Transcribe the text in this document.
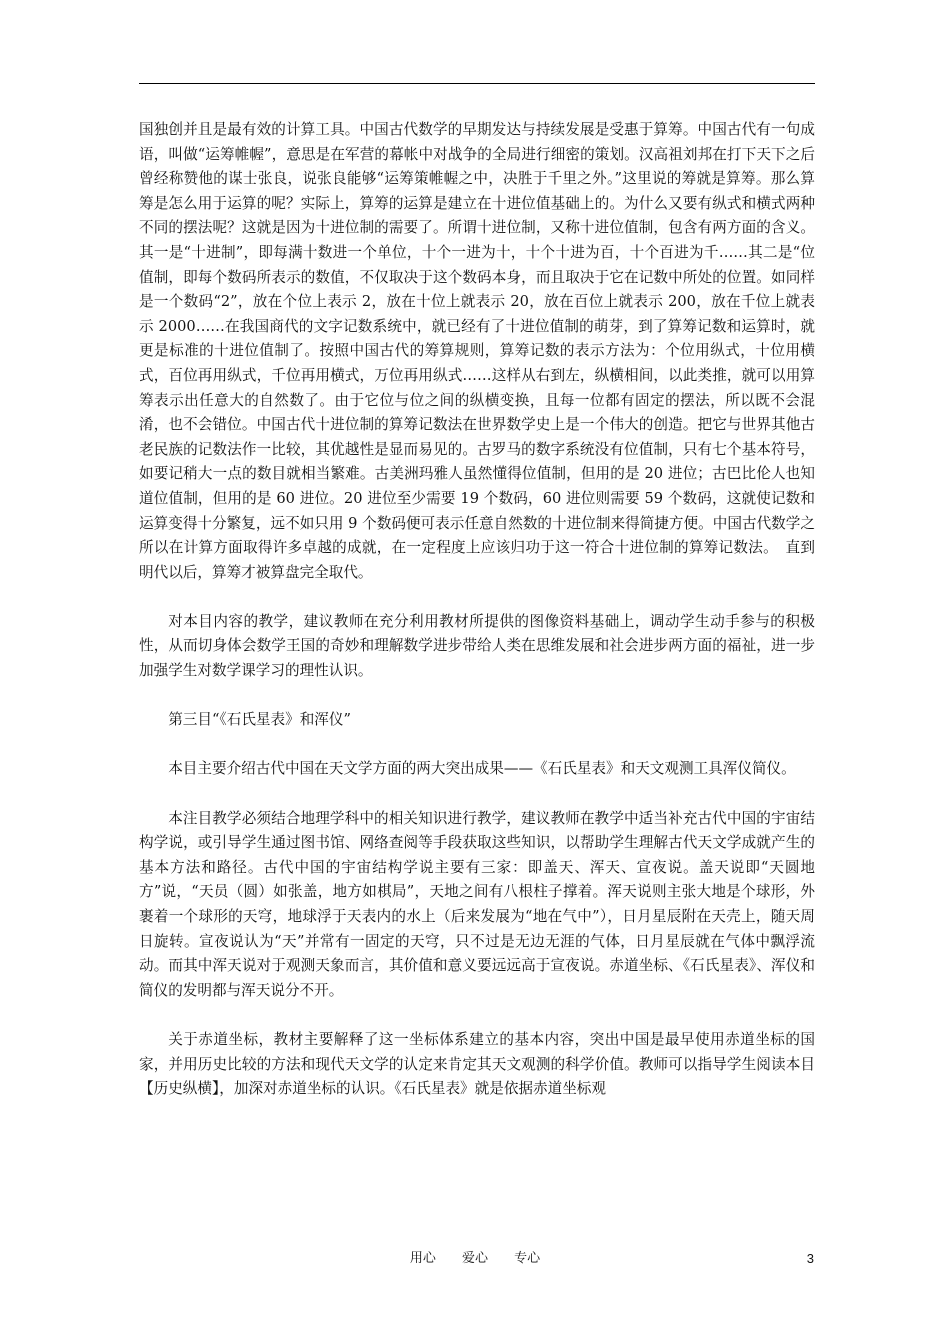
国独创并且是最有效的计算工具。中国古代数学的早期发达与持续发展是受惠于算筹。中国古代有一句成语，叫做“运筹帷幄”，意思是在军营的幕帐中对战争的全局进行细密的策划。汉高祖刘邦在打下天下之后曾经称赞他的谋士张良，说张良能够“运筹策帷幄之中，决胜于千里之外。”这里说的筹就是算筹。那么算筹是怎么用于运算的呢？实际上，算筹的运算是建立在十进位值基础上的。为什么又要有纵式和横式两种不同的摆法呢？这就是因为十进位制的需要了。所谓十进位制，又称十进位值制，包含有两方面的含义。其一是“十进制”，即每满十数进一个单位，十个一进为十，十个十进为百，十个百进为千……其二是“位值制，即每个数码所表示的数值，不仅取决于这个数码本身，而且取决于它在记数中所处的位置。如同样是一个数码“2”，放在个位上表示 2，放在十位上就表示 20，放在百位上就表示 200，放在千位上就表示 2000……在我国商代的文字记数系统中，就已经有了十进位值制的萌芽，到了算筹记数和运算时，就更是标准的十进位值制了。按照中国古代的筹算规则，算筹记数的表示方法为：个位用纵式，十位用横式，百位再用纵式，千位再用横式，万位再用纵式……这样从右到左，纵横相间，以此类推，就可以用算筹表示出任意大的自然数了。由于它位与位之间的纵横变换，且每一位都有固定的摆法，所以既不会混淆，也不会错位。中国古代十进位制的算筹记数法在世界数学史上是一个伟大的创造。把它与世界其他古老民族的记数法作一比较，其优越性是显而易见的。古罗马的数字系统没有位值制，只有七个基本符号，如要记稍大一点的数目就相当繁难。古美洲玛雅人虽然懂得位值制，但用的是 20 进位；古巴比伦人也知道位值制，但用的是 60 进位。20 进位至少需要 19 个数码，60 进位则需要 59 个数码，这就使记数和运算变得十分繁复，远不如只用 9 个数码便可表示任意自然数的十进位制来得简捷方便。中国古代数学之所以在计算方面取得许多卓越的成就，在一定程度上应该归功于这一符合十进位制的算筹记数法。　直到明代以后，算筹才被算盘完全取代。

对本目内容的教学，建议教师在充分利用教材所提供的图像资料基础上，调动学生动手参与的积极性，从而切身体会数学王国的奇妙和理解数学进步带给人类在思维发展和社会进步两方面的福祉，进一步加强学生对数学课学习的理性认识。

第三目“《石氏星表》和浑仪”

本目主要介绍古代中国在天文学方面的两大突出成果——《石氏星表》和天文观测工具浑仪简仪。

本注目教学必须结合地理学科中的相关知识进行教学，建议教师在教学中适当补充古代中国的宇宙结构学说，或引导学生通过图书馆、网络查阅等手段获取这些知识，以帮助学生理解古代天文学成就产生的基本方法和路径。古代中国的宇宙结构学说主要有三家：即盖天、浑天、宣夜说。盖天说即“天圆地方”说，“天员（圆）如张盖，地方如棋局”，天地之间有八根柱子撑着。浑天说则主张大地是个球形，外裹着一个球形的天穹，地球浮于天表内的水上（后来发展为“地在气中”），日月星辰附在天壳上，随天周日旋转。宣夜说认为“天”并常有一固定的天穹，只不过是无边无涯的气体，日月星辰就在气体中飘浮流动。而其中浑天说对于观测天象而言，其价值和意义要远远高于宣夜说。赤道坐标、《石氏星表》、浑仪和简仪的发明都与浑天说分不开。

关于赤道坐标，教材主要解释了这一坐标体系建立的基本内容，突出中国是最早使用赤道坐标的国家，并用历史比较的方法和现代天文学的认定来肯定其天文观测的科学价值。教师可以指导学生阅读本目【历史纵横】，加深对赤道坐标的认识。《石氏星表》就是依据赤道坐标观

用心 爱心 专心	3
